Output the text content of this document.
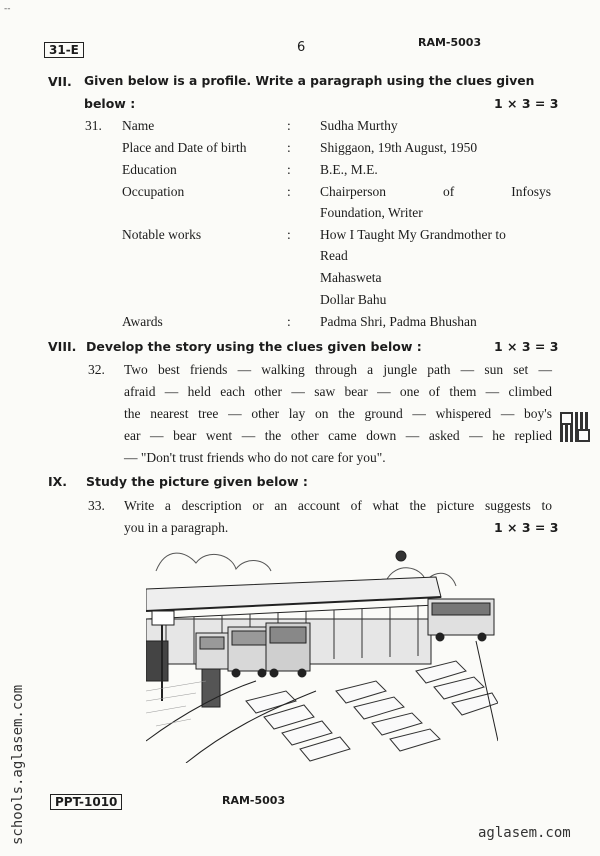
--
31-E	6	RAM-5003
VII. Given below is a profile. Write a paragraph using the clues given
below :	1 × 3 = 3
31. Name	: Sudha Murthy
Place and Date of birth	: Shiggaon, 19th August, 1950
Education	: B.E., M.E.
Occupation	: Chairperson of Infosys
Foundation, Writer
Notable works	: How I Taught My Grandmother to
Read
Mahasweta
Dollar Bahu
Awards	: Padma Shri, Padma Bhushan
VIII. Develop the story using the clues given below :	1 × 3 = 3
32. Two best friends — walking through a jungle path — sun set —
afraid — held each other — saw bear — one of them — climbed
the nearest tree — other lay on the ground — whispered — boy's
ear — bear went — the other came down — asked — he replied
— "Don't trust friends who do not care for you".
IX. Study the picture given below :
33. Write a description or an account of what the picture suggests to
you in a paragraph.	1 × 3 = 3
PPT-1010	RAM-5003
schools.aglasem.com	aglasem.com
